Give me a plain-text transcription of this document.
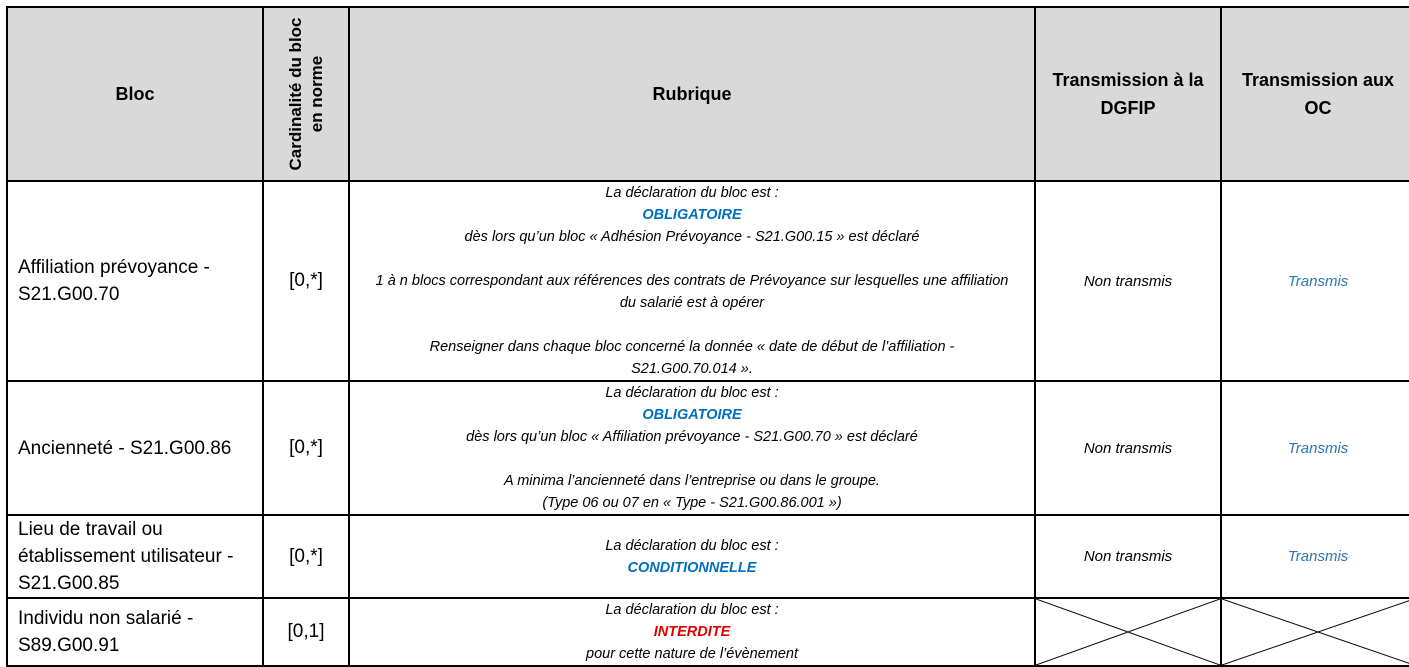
Bloc	Cardinalité du bloc en norme	Rubrique	Transmission à la DGFIP	Transmission aux OC

Affiliation prévoyance - S21.G00.70	[0,*]	La déclaration du bloc est :

OBLIGATOIRE

dès lors qu’un bloc « Adhésion Prévoyance - S21.G00.15 » est déclaré

1 à n blocs correspondant aux références des contrats de Prévoyance sur lesquelles une affiliation du salarié est à opérer

Renseigner dans chaque bloc concerné la donnée « date de début de l’affiliation - S21.G00.70.014 ».	Non transmis	Transmis
Ancienneté - S21.G00.86	[0,*]	La déclaration du bloc est :

OBLIGATOIRE

dès lors qu’un bloc « Affiliation prévoyance - S21.G00.70 » est déclaré

A minima l’ancienneté dans l’entreprise ou dans le groupe.

(Type 06 ou 07 en « Type - S21.G00.86.001 »)	Non transmis	Transmis
Lieu de travail ou établissement utilisateur - S21.G00.85	[0,*]	La déclaration du bloc est :

CONDITIONNELLE	Non transmis	Transmis
Individu non salarié - S89.G00.91	[0,1]	La déclaration du bloc est :

INTERDITE

pour cette nature de l’évènement
